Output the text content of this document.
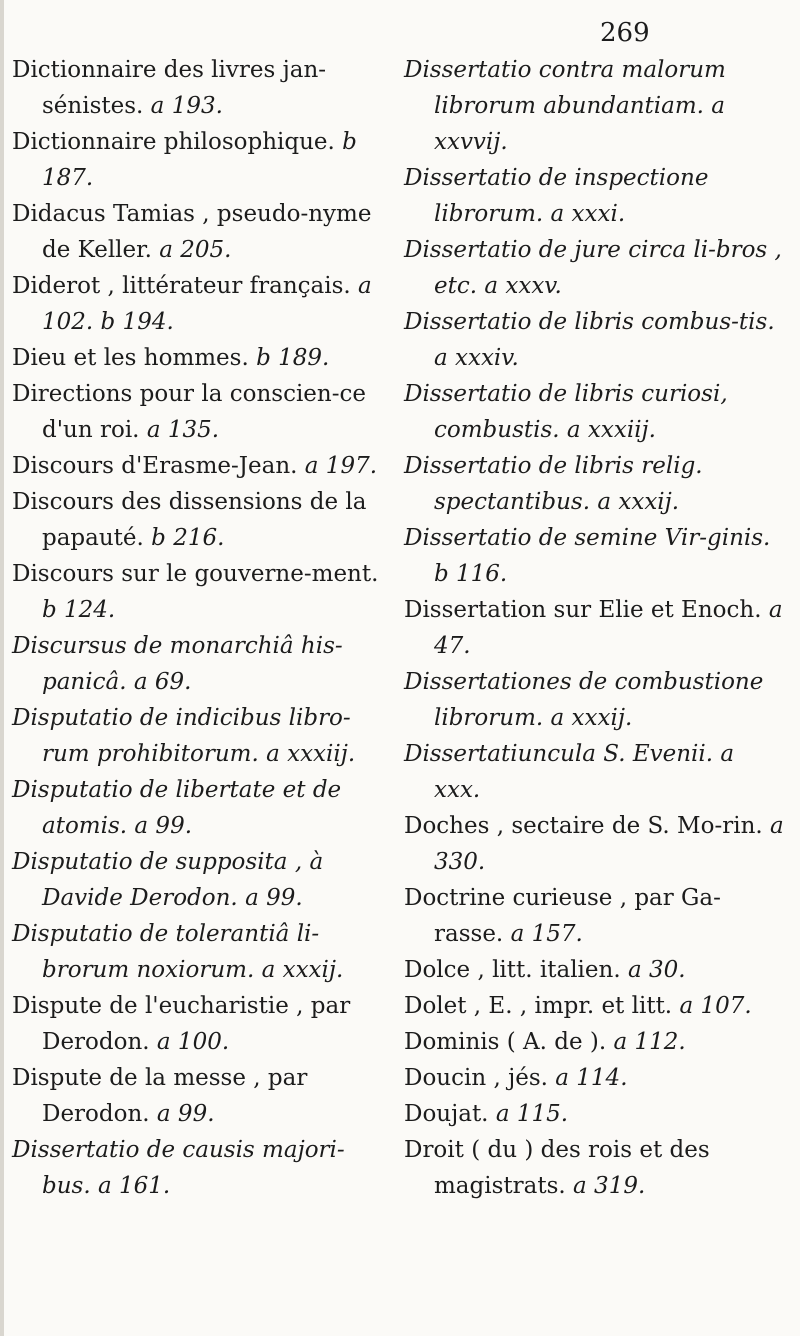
269
Dictionnaire des livres jan-sénistes. a 193.
Dictionnaire philosophique. b 187.
Didacus Tamias , pseudo-nyme de Keller. a 205.
Diderot , littérateur français. a 102. b 194.
Dieu et les hommes. b 189.
Directions pour la conscien-ce d'un roi. a 135.
Discours d'Erasme-Jean. a 197.
Discours des dissensions de la papauté. b 216.
Discours sur le gouverne-ment. b 124.
Discursus de monarchiâ his-panicâ. a 69.
Disputatio de indicibus libro-rum prohibitorum. a xxxiij.
Disputatio de libertate et de atomis. a 99.
Disputatio de supposita , à Davide Derodon. a 99.
Disputatio de tolerantiâ li-brorum noxiorum. a xxxij.
Dispute de l'eucharistie , par Derodon. a 100.
Dispute de la messe , par Derodon. a 99.
Dissertatio de causis majori-bus. a 161.
Dissertatio contra malorum librorum abundantiam. a xxvvij.
Dissertatio de inspectione librorum. a xxxi.
Dissertatio de jure circa li-bros , etc. a xxxv.
Dissertatio de libris combus-tis. a xxxiv.
Dissertatio de libris curiosi, combustis. a xxxiij.
Dissertatio de libris relig. spectantibus. a xxxij.
Dissertatio de semine Vir-ginis. b 116.
Dissertation sur Elie et Enoch. a 47.
Dissertationes de combustione librorum. a xxxij.
Dissertatiuncula S. Evenii. a xxx.
Doches , sectaire de S. Mo-rin. a 330.
Doctrine curieuse , par Ga-rasse. a 157.
Dolce , litt. italien. a 30.
Dolet , E. , impr. et litt. a 107.
Dominis ( A. de ). a 112.
Doucin , jés. a 114.
Doujat. a 115.
Droit ( du ) des rois et des magistrats. a 319.
